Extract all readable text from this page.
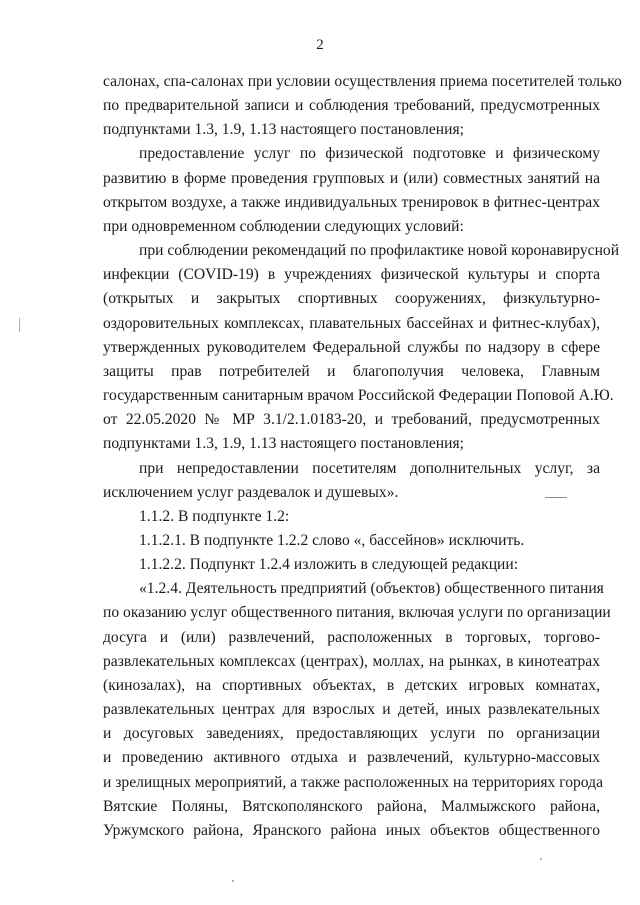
2
салонах, спа-салонах при условии осуществления приема посетителей только
по предварительной записи и соблюдения требований, предусмотренных
подпунктами 1.3, 1.9, 1.13 настоящего постановления;
предоставление услуг по физической подготовке и физическому
развитию в форме проведения групповых и (или) совместных занятий на
открытом воздухе, а также индивидуальных тренировок в фитнес-центрах
при одновременном соблюдении следующих условий:
при соблюдении рекомендаций по профилактике новой коронавирусной
инфекции (COVID-19) в учреждениях физической культуры и спорта
(открытых и закрытых спортивных сооружениях, физкультурно-
оздоровительных комплексах, плавательных бассейнах и фитнес-клубах),
утвержденных руководителем Федеральной службы по надзору в сфере
защиты прав потребителей и благополучия человека, Главным
государственным санитарным врачом Российской Федерации Поповой А.Ю.
от 22.05.2020 № МР 3.1/2.1.0183-20, и требований, предусмотренных
подпунктами 1.3, 1.9, 1.13 настоящего постановления;
при непредоставлении посетителям дополнительных услуг, за
исключением услуг раздевалок и душевых».
1.1.2. В подпункте 1.2:
1.1.2.1. В подпункте 1.2.2 слово «, бассейнов» исключить.
1.1.2.2. Подпункт 1.2.4 изложить в следующей редакции:
«1.2.4. Деятельность предприятий (объектов) общественного питания
по оказанию услуг общественного питания, включая услуги по организации
досуга и (или) развлечений, расположенных в торговых, торгово-
развлекательных комплексах (центрах), моллах, на рынках, в кинотеатрах
(кинозалах), на спортивных объектах, в детских игровых комнатах,
развлекательных центрах для взрослых и детей, иных развлекательных
и досуговых заведениях, предоставляющих услуги по организации
и проведению активного отдыха и развлечений, культурно-массовых
и зрелищных мероприятий, а также расположенных на территориях города
Вятские Поляны, Вятскополянского района, Малмыжского района,
Уржумского района, Яранского района иных объектов общественного
